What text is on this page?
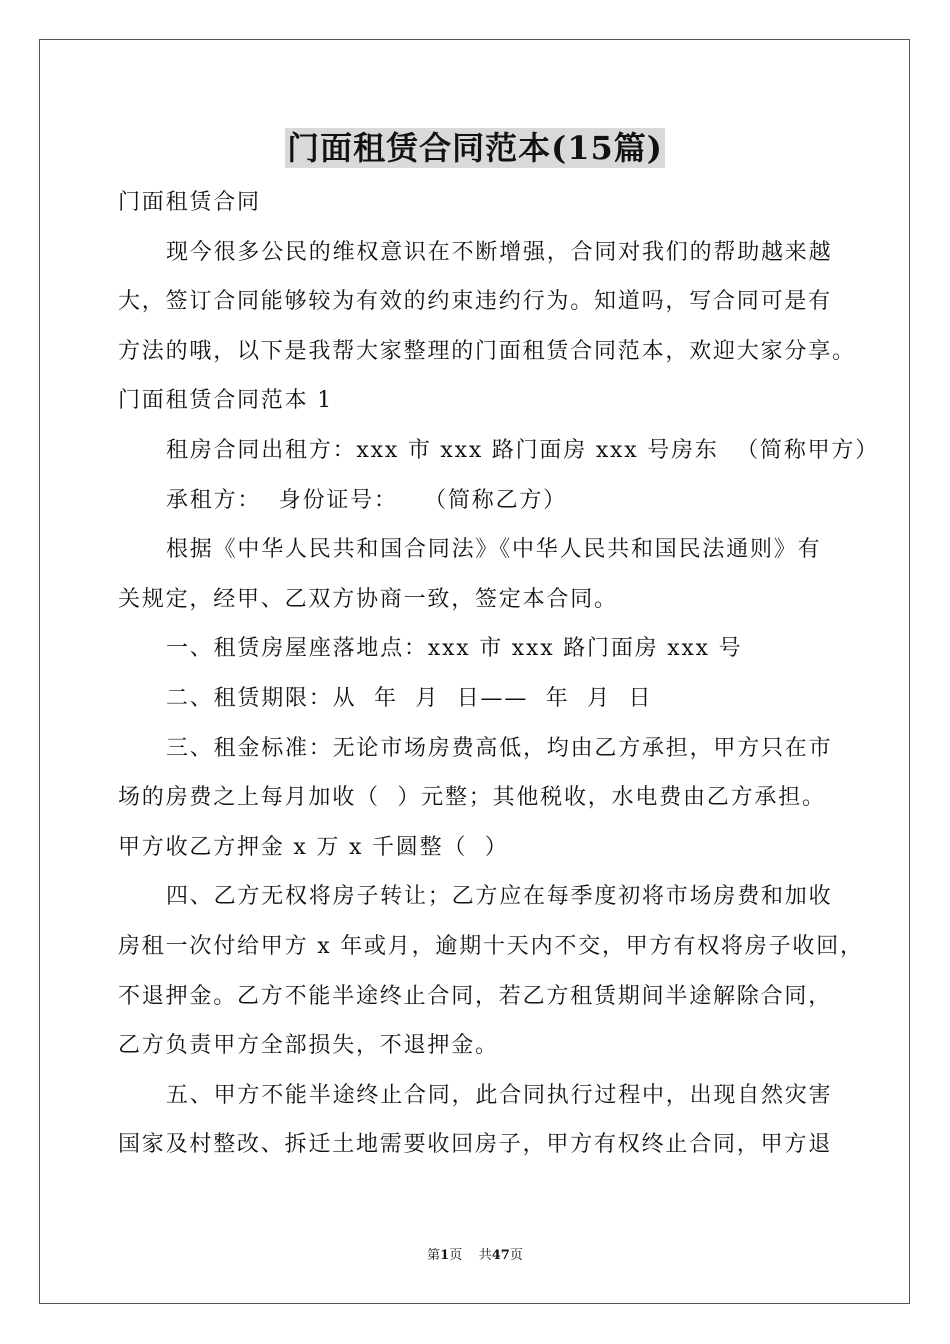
门面租赁合同范本(15篇)

门面租赁合同

现今很多公民的维权意识在不断增强，合同对我们的帮助越来越

大，签订合同能够较为有效的约束违约行为。知道吗，写合同可是有

方法的哦，以下是我帮大家整理的门面租赁合同范本，欢迎大家分享。

门面租赁合同范本 1

租房合同出租方：xxx 市 xxx 路门面房 xxx 号房东  （简称甲方）

承租方：  身份证号：   （简称乙方）

根据《中华人民共和国合同法》《中华人民共和国民法通则》有

关规定，经甲、乙双方协商一致，签定本合同。

一、租赁房屋座落地点：xxx 市 xxx 路门面房 xxx 号

二、租赁期限：从  年  月  日——  年  月  日

三、租金标准：无论市场房费高低，均由乙方承担，甲方只在市

场的房费之上每月加收（  ）元整；其他税收，水电费由乙方承担。

甲方收乙方押金 x 万 x 千圆整（  ）

四、乙方无权将房子转让；乙方应在每季度初将市场房费和加收

房租一次付给甲方 x 年或月，逾期十天内不交，甲方有权将房子收回，

不退押金。乙方不能半途终止合同，若乙方租赁期间半途解除合同，

乙方负责甲方全部损失，不退押金。

五、甲方不能半途终止合同，此合同执行过程中，出现自然灾害

国家及村整改、拆迁土地需要收回房子，甲方有权终止合同，甲方退

第1页 共47页
